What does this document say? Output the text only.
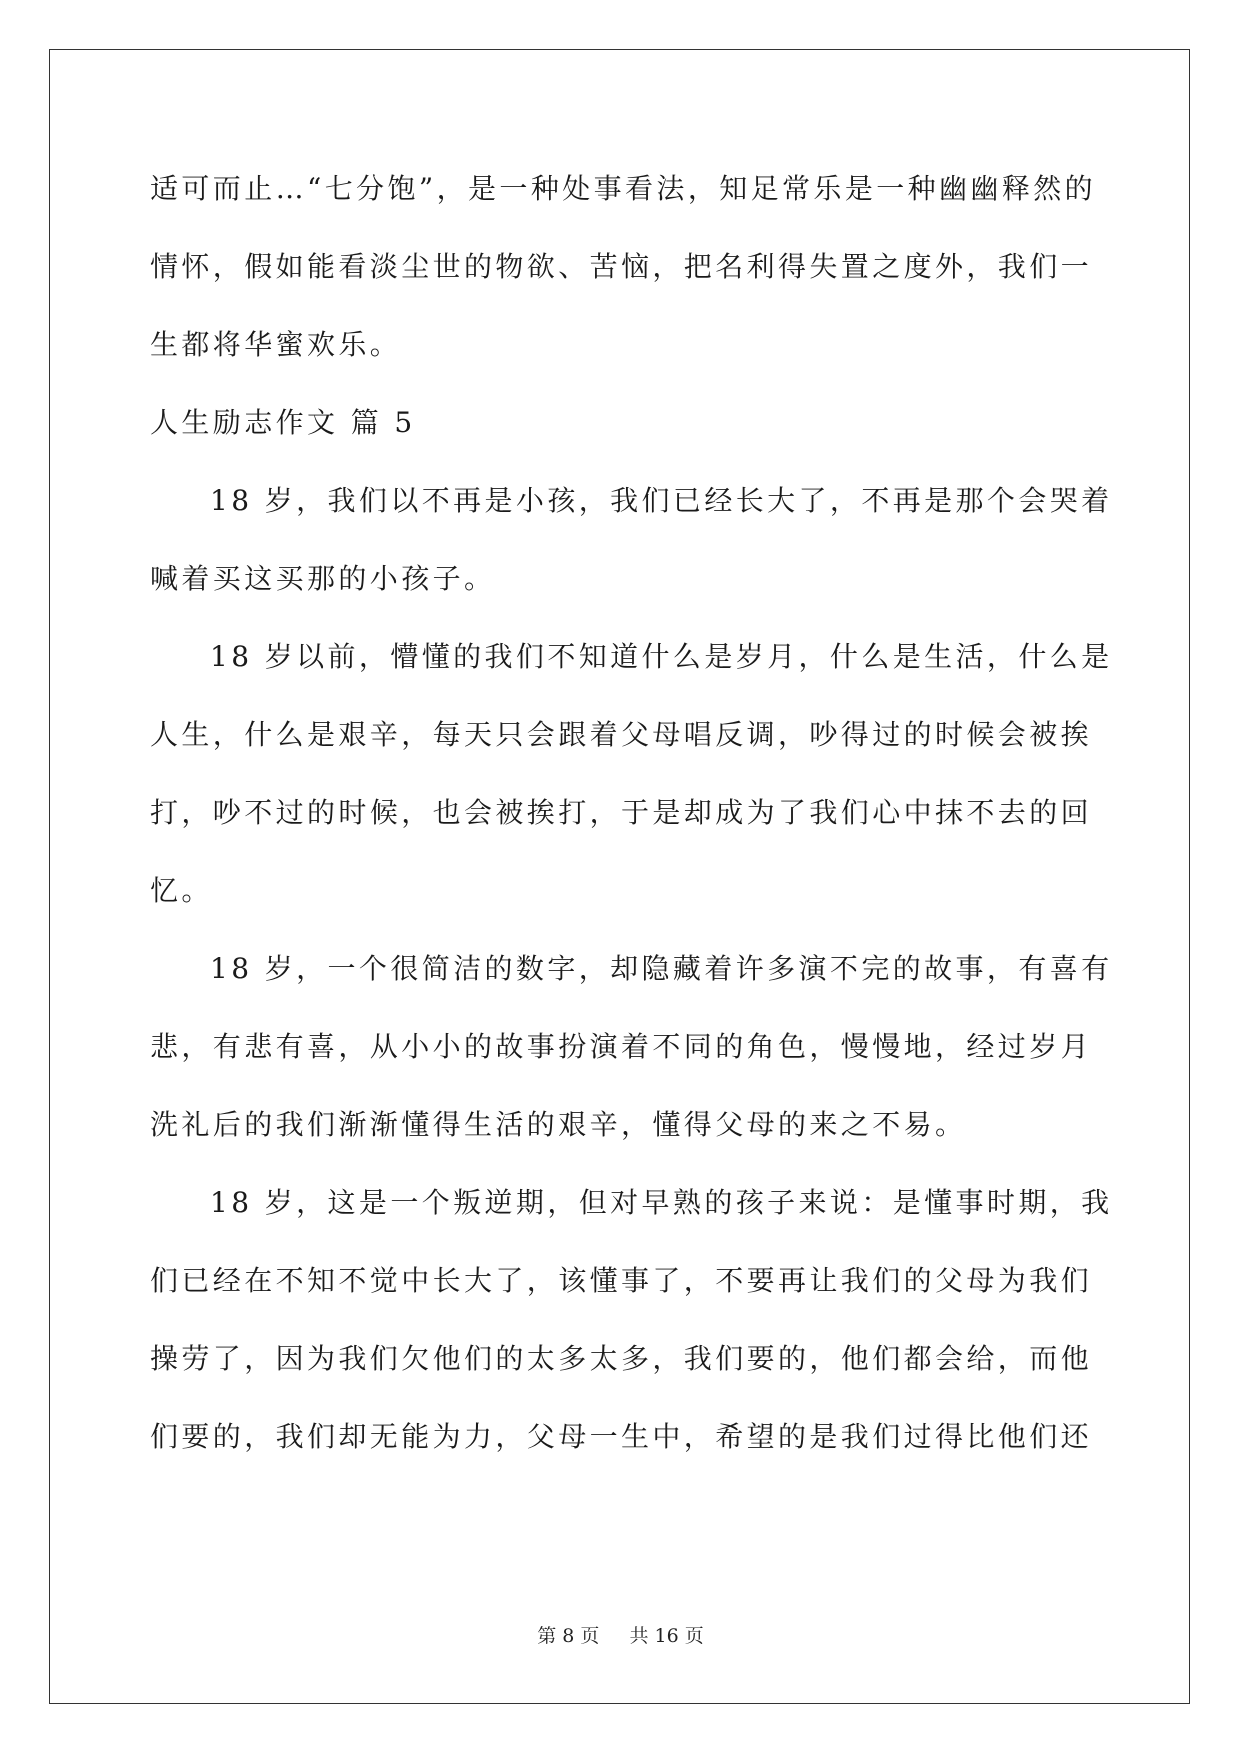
适可而止…“七分饱”，是一种处事看法，知足常乐是一种幽幽释然的
情怀，假如能看淡尘世的物欲、苦恼，把名利得失置之度外，我们一
生都将华蜜欢乐。
人生励志作文 篇 5
18 岁，我们以不再是小孩，我们已经长大了，不再是那个会哭着
喊着买这买那的小孩子。
18 岁以前，懵懂的我们不知道什么是岁月，什么是生活，什么是
人生，什么是艰辛，每天只会跟着父母唱反调，吵得过的时候会被挨
打，吵不过的时候，也会被挨打，于是却成为了我们心中抹不去的回
忆。
18 岁，一个很简洁的数字，却隐藏着许多演不完的故事，有喜有
悲，有悲有喜，从小小的故事扮演着不同的角色，慢慢地，经过岁月
洗礼后的我们渐渐懂得生活的艰辛，懂得父母的来之不易。
18 岁，这是一个叛逆期，但对早熟的孩子来说：是懂事时期，我
们已经在不知不觉中长大了，该懂事了，不要再让我们的父母为我们
操劳了，因为我们欠他们的太多太多，我们要的，他们都会给，而他
们要的，我们却无能为力，父母一生中，希望的是我们过得比他们还
第 8 页 共 16 页
